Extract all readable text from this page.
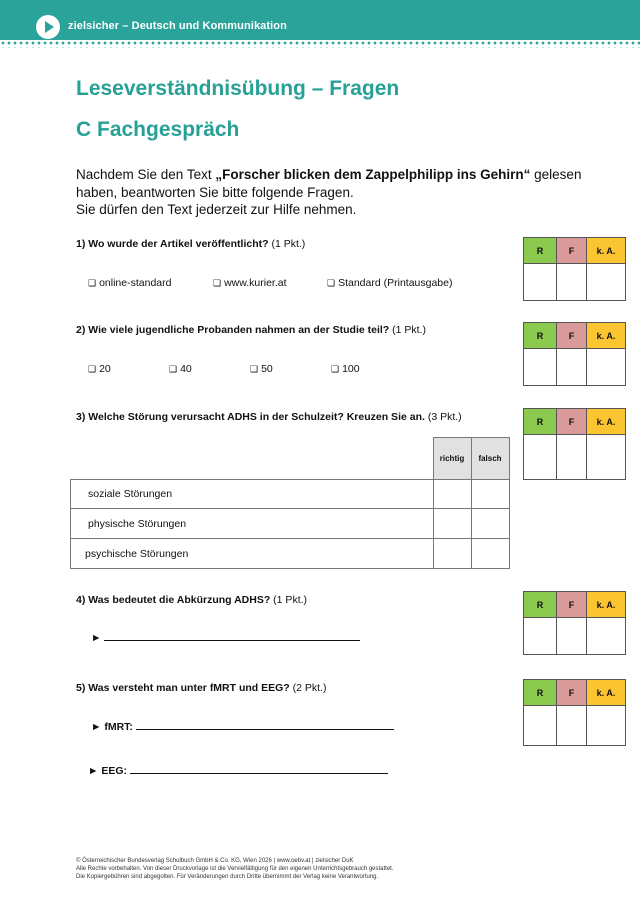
zielsicher – Deutsch und Kommunikation
Leseverständnisübung – Fragen
C Fachgespräch
Nachdem Sie den Text „Forscher blicken dem Zappelphilipp ins Gehirn“ gelesen
haben, beantworten Sie bitte folgende Fragen.
Sie dürfen den Text jederzeit zur Hilfe nehmen.
1) Wo wurde der Artikel veröffentlicht? (1 Pkt.)
❑ online-standard	❑ www.kurier.at	❑ Standard (Printausgabe)
R	F	k. A.

2) Wie viele jugendliche Probanden nahmen an der Studie teil? (1 Pkt.)
❑ 20	❑ 40	❑ 50	❑ 100
R	F	k. A.

3) Welche Störung verursacht ADHS in der Schulzeit? Kreuzen Sie an. (3 Pkt.)	R	F	k. A.

	richtig	falsch
soziale Störungen		
physische Störungen		
psychische Störungen		
4) Was bedeutet die Abkürzung ADHS? (1 Pkt.)
►
R	F	k. A.

5) Was versteht man unter fMRT und EEG? (2 Pkt.)
► fMRT:
► EEG:
R	F	k. A.

© Österreichischer Bundesverlag Schulbuch GmbH & Co. KG, Wien 2026 | www.oebv.at | zielsicher DuK
Alle Rechte vorbehalten. Von dieser Druckvorlage ist die Vervielfältigung für den eigenen Unterrichtsgebrauch gestattet.
Die Kopiergebühren sind abgegolten. Für Veränderungen durch Dritte übernimmt der Verlag keine Verantwortung.
